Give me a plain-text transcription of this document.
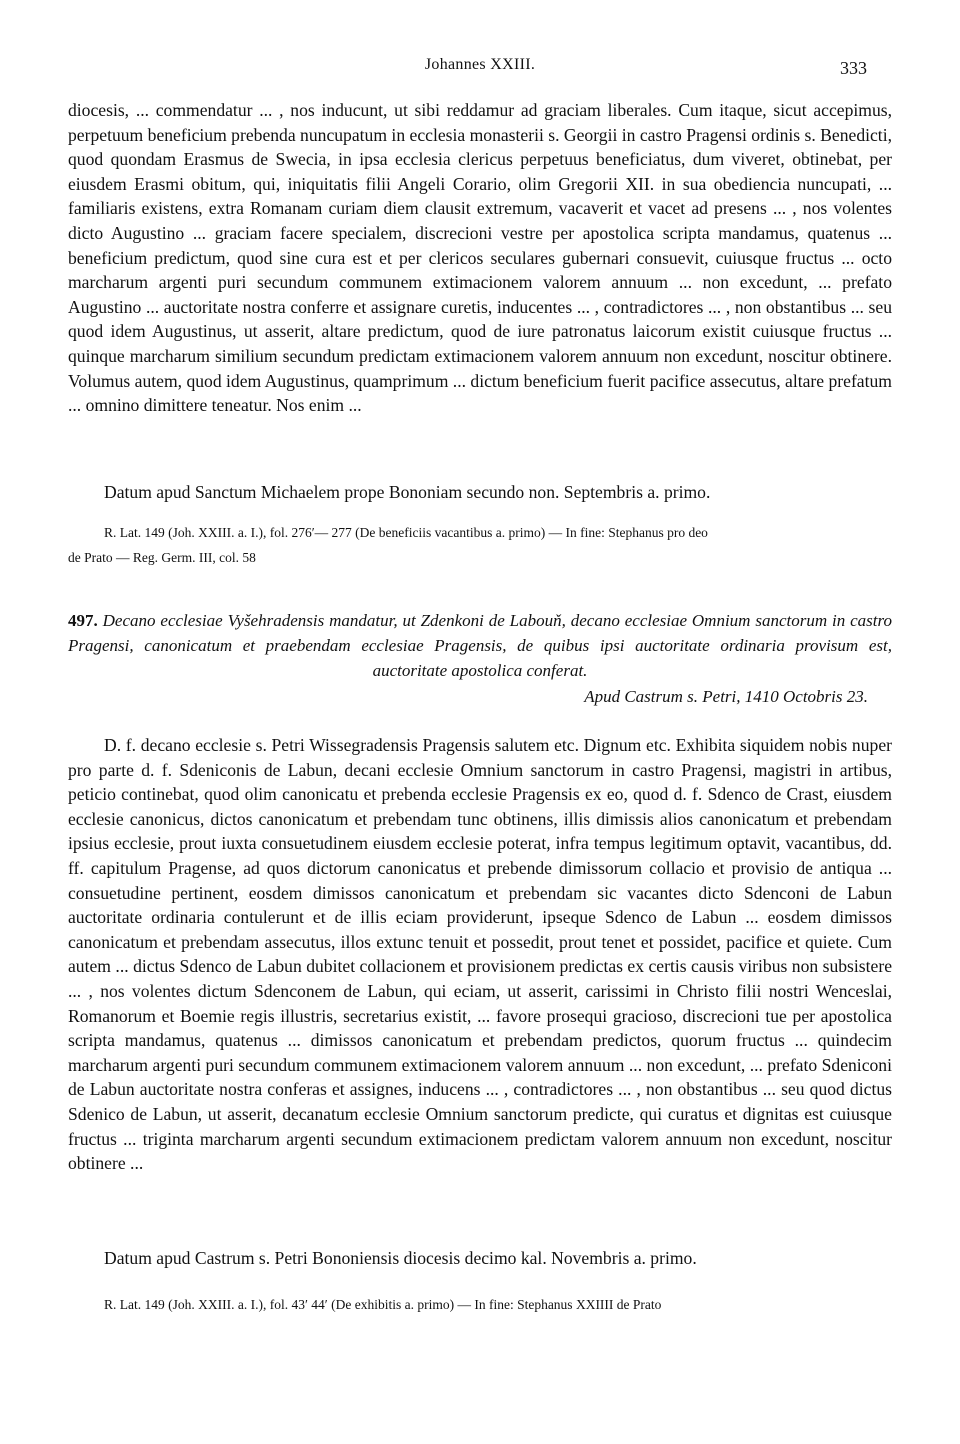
Johannes XXIII.	333

diocesis, ... commendatur ... , nos inducunt, ut sibi reddamur ad graciam liberales. Cum itaque, sicut accepimus, perpetuum beneficium prebenda nuncupatum in ecclesia monasterii s. Georgii in castro Pragensi ordinis s. Benedicti, quod quondam Erasmus de Swecia, in ipsa ecclesia clericus perpetuus beneficiatus, dum viveret, obtinebat, per eiusdem Erasmi obitum, qui, iniquitatis filii Angeli Corario, olim Gregorii XII. in sua obediencia nuncupati, ... familiaris existens, extra Romanam curiam diem clausit extremum, vacaverit et vacet ad presens ... , nos volentes dicto Augustino ... graciam facere specialem, discrecioni vestre per apostolica scripta mandamus, quatenus ... beneficium predictum, quod sine cura est et per clericos seculares gubernari consuevit, cuiusque fructus ... octo marcharum argenti puri secundum communem extimacionem valorem annuum ... non excedunt, ... prefato Augustino ... auctoritate nostra conferre et assignare curetis, inducentes ... , contradictores ... , non obstantibus ... seu quod idem Augustinus, ut asserit, altare predictum, quod de iure patronatus laicorum existit cuiusque fructus ... quinque marcharum similium secundum predictam extimacionem valorem annuum non excedunt, noscitur obtinere. Volumus autem, quod idem Augustinus, quamprimum ... dictum beneficium fuerit pacifice assecutus, altare prefatum ... omnino dimittere teneatur. Nos enim ...

Datum apud Sanctum Michaelem prope Bononiam secundo non. Septembris a. primo.

R. Lat. 149 (Joh. XXIII. a. I.), fol. 276′— 277 (De beneficiis vacantibus a. primo) — In fine: Stephanus pro deo

de Prato — Reg. Germ. III, col. 58

497. Decano ecclesiae Vyšehradensis mandatur, ut Zdenkoni de Labouň, decano ecclesiae Omnium sanctorum in castro Pragensi, canonicatum et praebendam ecclesiae Pragensis, de quibus ipsi auctoritate ordinaria provisum est, auctoritate apostolica conferat.

Apud Castrum s. Petri, 1410 Octobris 23.

D. f. decano ecclesie s. Petri Wissegradensis Pragensis salutem etc. Dignum etc. Exhibita siquidem nobis nuper pro parte d. f. Sdeniconis de Labun, decani ecclesie Omnium sanctorum in castro Pragensi, magistri in artibus, peticio continebat, quod olim canonicatu et prebenda ecclesie Pragensis ex eo, quod d. f. Sdenco de Crast, eiusdem ecclesie canonicus, dictos canonicatum et prebendam tunc obtinens, illis dimissis alios canonicatum et prebendam ipsius ecclesie, prout iuxta consuetudinem eiusdem ecclesie poterat, infra tempus legitimum optavit, vacantibus, dd. ff. capitulum Pragense, ad quos dictorum canonicatus et prebende dimissorum collacio et provisio de antiqua ... consuetudine pertinent, eosdem dimissos canonicatum et prebendam sic vacantes dicto Sdenconi de Labun auctoritate ordinaria contulerunt et de illis eciam providerunt, ipseque Sdenco de Labun ... eosdem dimissos canonicatum et prebendam assecutus, illos extunc tenuit et possedit, prout tenet et possidet, pacifice et quiete. Cum autem ... dictus Sdenco de Labun dubitet collacionem et provisionem predictas ex certis causis viribus non subsistere ... , nos volentes dictum Sdenconem de Labun, qui eciam, ut asserit, carissimi in Christo filii nostri Wenceslai, Romanorum et Boemie regis illustris, secretarius existit, ... favore prosequi gracioso, discrecioni tue per apostolica scripta mandamus, quatenus ... dimissos canonicatum et prebendam predictos, quorum fructus ... quindecim marcharum argenti puri secundum communem extimacionem valorem annuum ... non excedunt, ... prefato Sdeniconi de Labun auctoritate nostra conferas et assignes, inducens ... , contradictores ... , non obstantibus ... seu quod dictus Sdenico de Labun, ut asserit, decanatum ecclesie Omnium sanctorum predicte, qui curatus et dignitas est cuiusque fructus ... triginta marcharum argenti secundum extimacionem predictam valorem annuum non excedunt, noscitur obtinere ...

Datum apud Castrum s. Petri Bononiensis diocesis decimo kal. Novembris a. primo.

R. Lat. 149 (Joh. XXIII. a. I.), fol. 43′ 44′ (De exhibitis a. primo) — In fine: Stephanus XXIIII de Prato
